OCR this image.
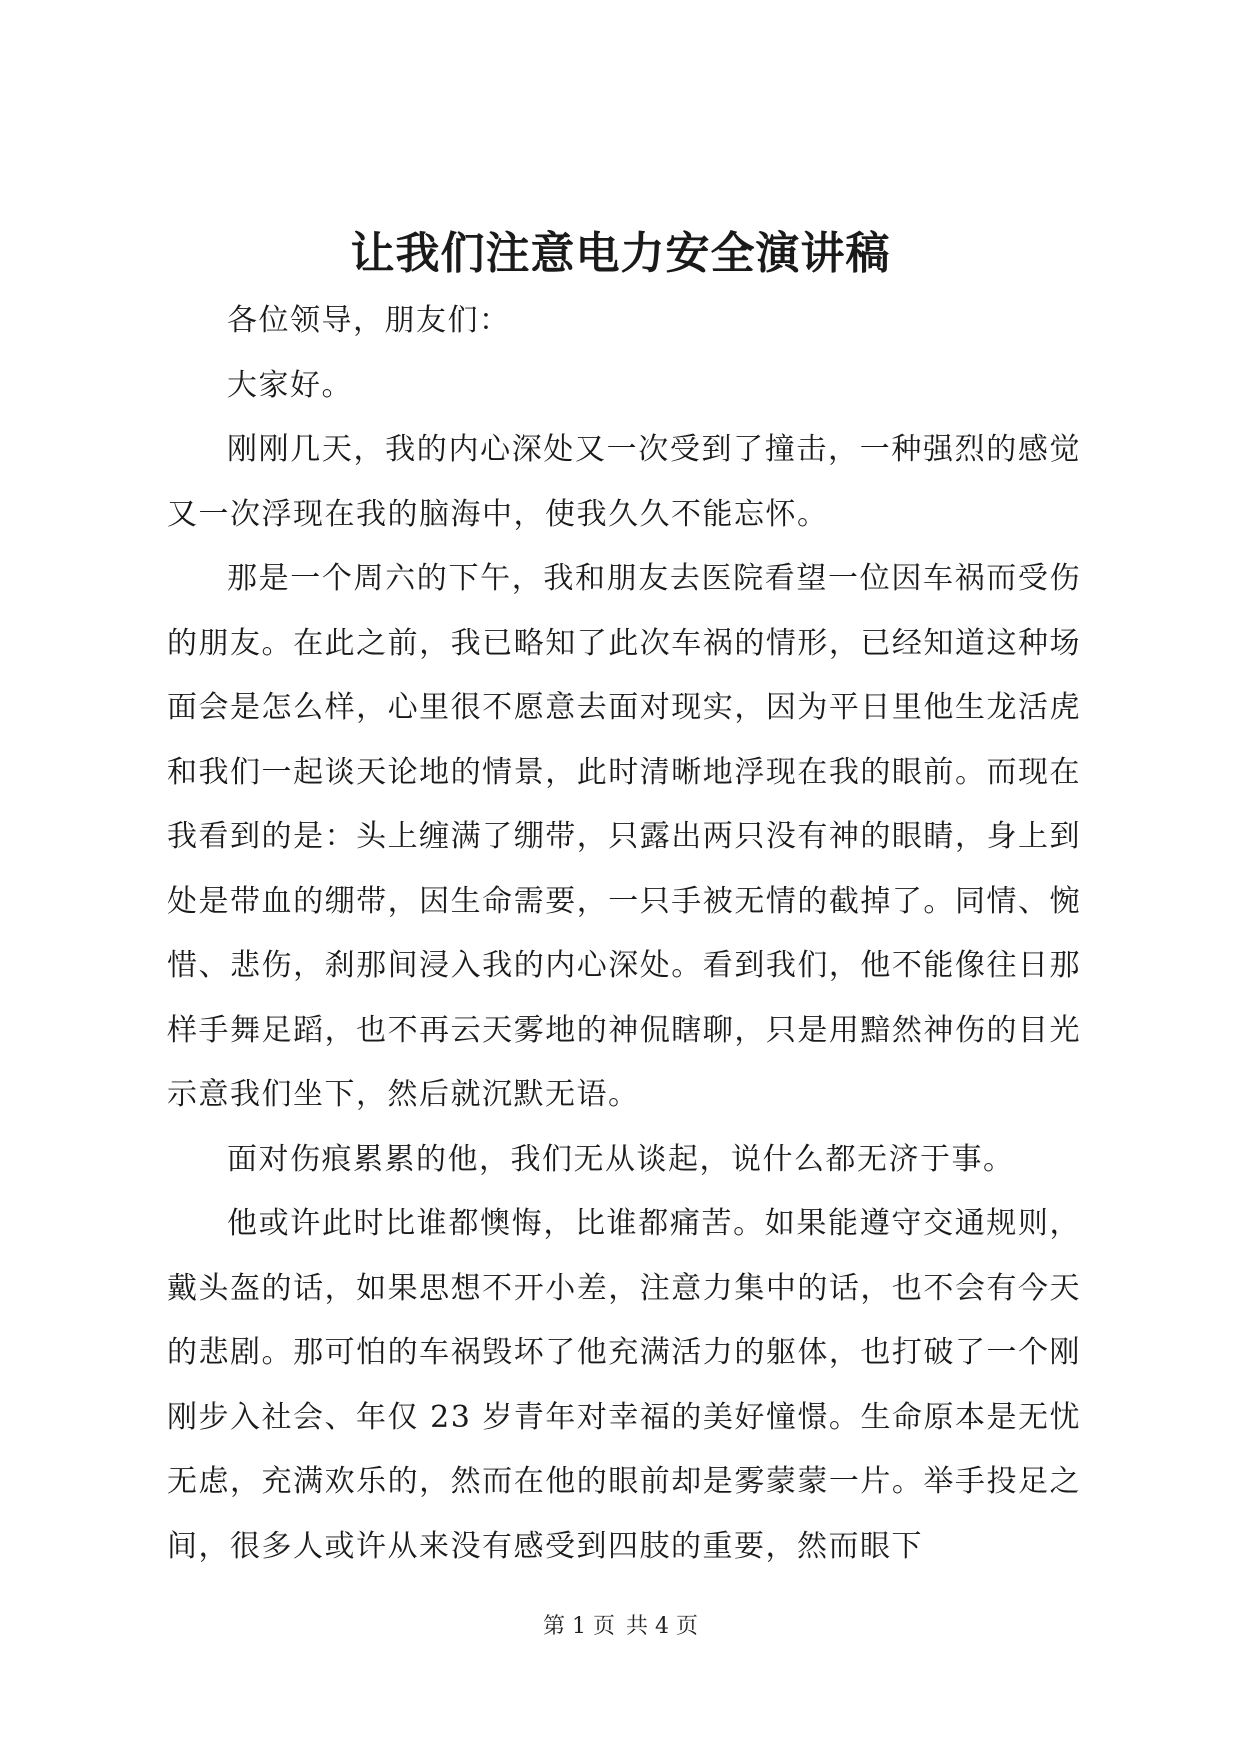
让我们注意电力安全演讲稿

各位领导，朋友们：

大家好。

刚刚几天，我的内心深处又一次受到了撞击，一种强烈的感觉又一次浮现在我的脑海中，使我久久不能忘怀。

那是一个周六的下午，我和朋友去医院看望一位因车祸而受伤的朋友。在此之前，我已略知了此次车祸的情形，已经知道这种场面会是怎么样，心里很不愿意去面对现实，因为平日里他生龙活虎和我们一起谈天论地的情景，此时清晰地浮现在我的眼前。而现在我看到的是：头上缠满了绷带，只露出两只没有神的眼睛，身上到处是带血的绷带，因生命需要，一只手被无情的截掉了。同情、惋惜、悲伤，刹那间浸入我的内心深处。看到我们，他不能像往日那样手舞足蹈，也不再云天雾地的神侃瞎聊，只是用黯然神伤的目光示意我们坐下，然后就沉默无语。

面对伤痕累累的他，我们无从谈起，说什么都无济于事。

他或许此时比谁都懊悔，比谁都痛苦。如果能遵守交通规则，戴头盔的话，如果思想不开小差，注意力集中的话，也不会有今天的悲剧。那可怕的车祸毁坏了他充满活力的躯体，也打破了一个刚刚步入社会、年仅 23 岁青年对幸福的美好憧憬。生命原本是无忧无虑，充满欢乐的，然而在他的眼前却是雾蒙蒙一片。举手投足之间，很多人或许从来没有感受到四肢的重要，然而眼下

第 1 页 共 4 页
